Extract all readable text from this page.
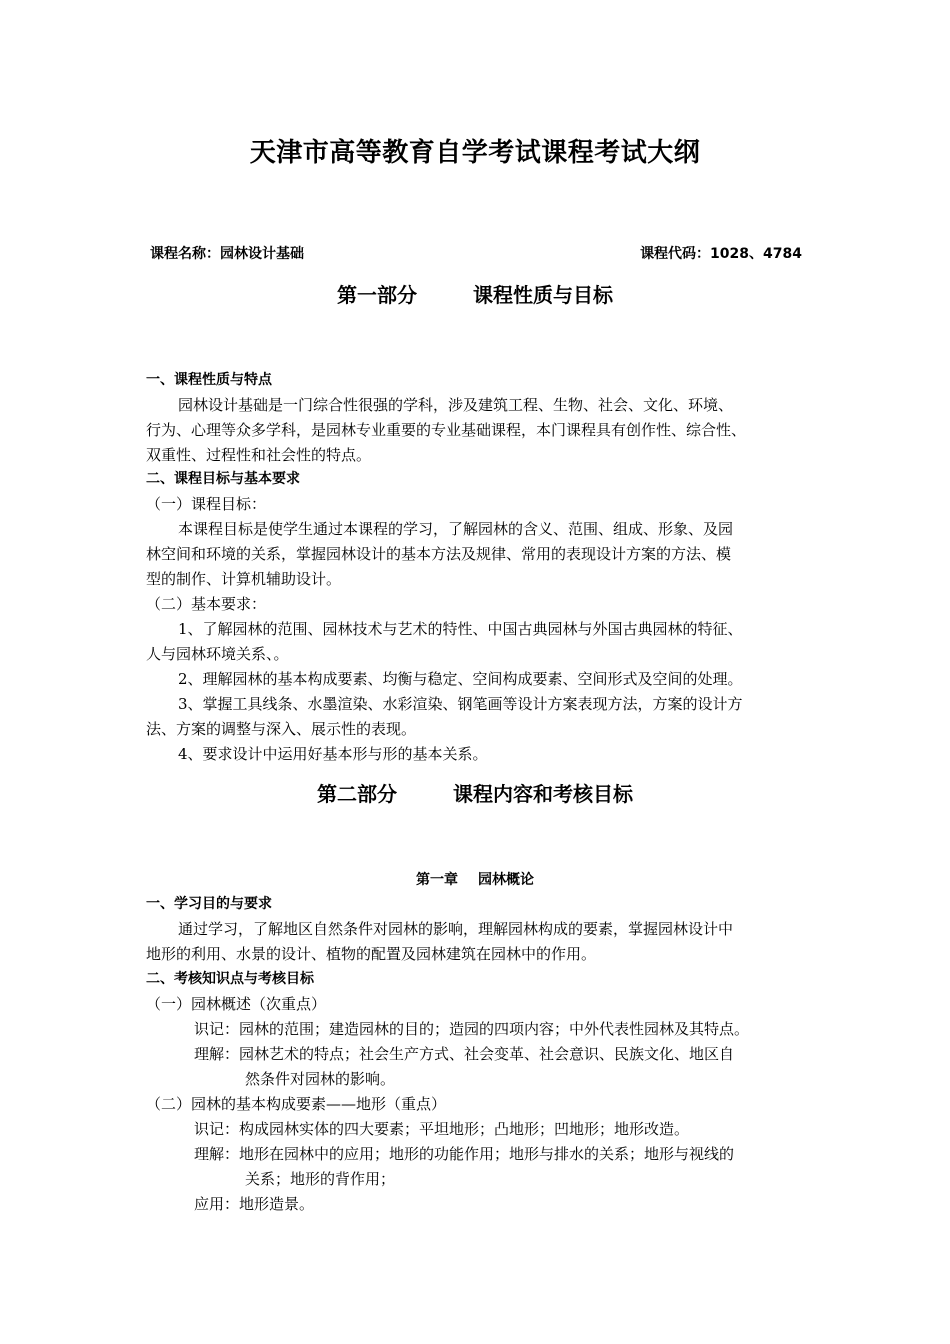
天津市高等教育自学考试课程考试大纲
课程名称：园林设计基础	课程代码：1028、4784
第一部分	课程性质与目标
一、课程性质与特点
园林设计基础是一门综合性很强的学科，涉及建筑工程、生物、社会、文化、环境、
行为、心理等众多学科，是园林专业重要的专业基础课程，本门课程具有创作性、综合性、
双重性、过程性和社会性的特点。
二、课程目标与基本要求
（一）课程目标：
本课程目标是使学生通过本课程的学习，了解园林的含义、范围、组成、形象、及园
林空间和环境的关系，掌握园林设计的基本方法及规律、常用的表现设计方案的方法、模
型的制作、计算机辅助设计。
（二）基本要求：
1、了解园林的范围、园林技术与艺术的特性、中国古典园林与外国古典园林的特征、
人与园林环境关系、。
2、理解园林的基本构成要素、均衡与稳定、空间构成要素、空间形式及空间的处理。
3、掌握工具线条、水墨渲染、水彩渲染、钢笔画等设计方案表现方法，方案的设计方
法、方案的调整与深入、展示性的表现。
4、要求设计中运用好基本形与形的基本关系。
第二部分	课程内容和考核目标
第一章 园林概论
一、学习目的与要求
通过学习，了解地区自然条件对园林的影响，理解园林构成的要素，掌握园林设计中
地形的利用、水景的设计、植物的配置及园林建筑在园林中的作用。
二、考核知识点与考核目标
（一）园林概述（次重点）
识记：园林的范围；建造园林的目的；造园的四项内容；中外代表性园林及其特点。
理解：园林艺术的特点；社会生产方式、社会变革、社会意识、民族文化、地区自
然条件对园林的影响。
（二）园林的基本构成要素——地形（重点）
识记：构成园林实体的四大要素；平坦地形；凸地形；凹地形；地形改造。
理解：地形在园林中的应用；地形的功能作用；地形与排水的关系；地形与视线的
关系；地形的背作用；
应用：地形造景。
